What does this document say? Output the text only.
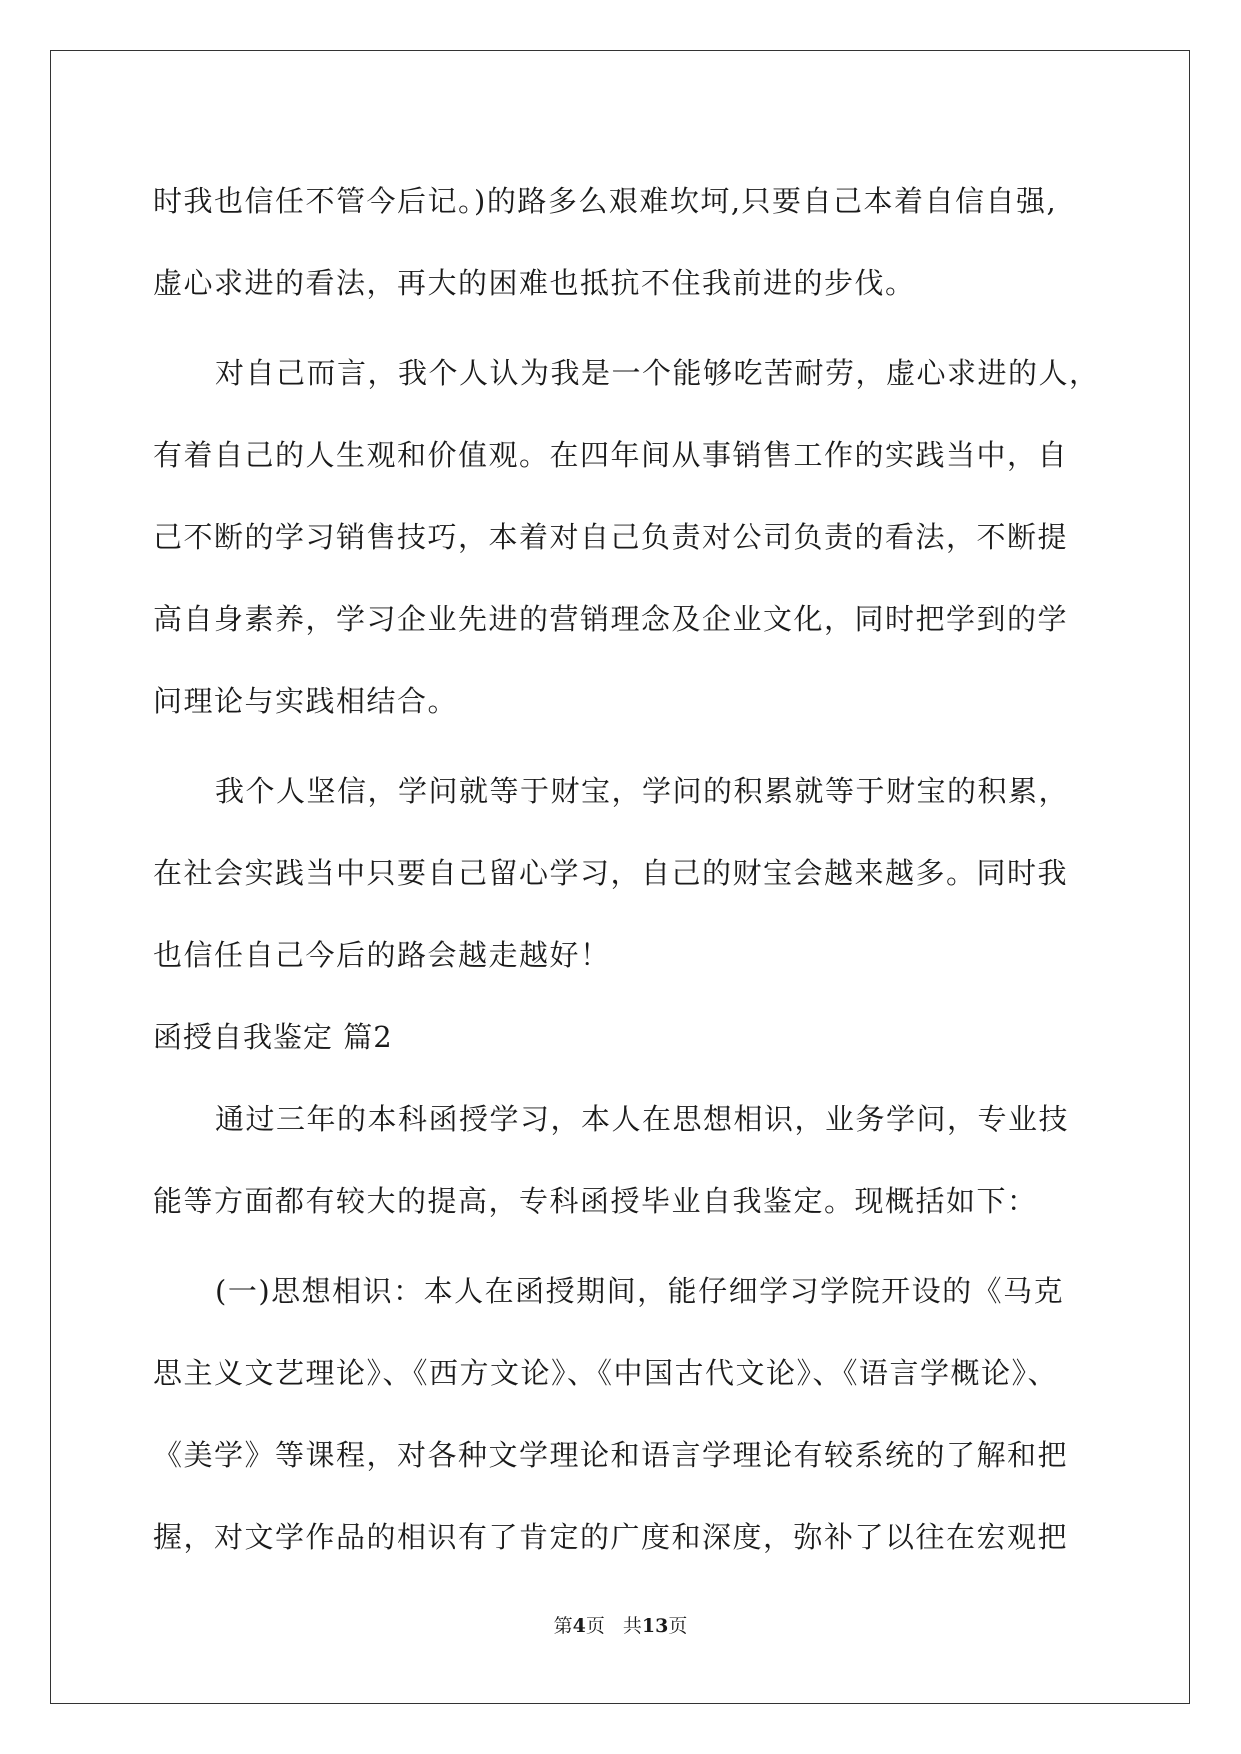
时我也信任不管今后记。)的路多么艰难坎坷,只要自己本着自信自强,
虚心求进的看法，再大的困难也抵抗不住我前进的步伐。
对自己而言，我个人认为我是一个能够吃苦耐劳，虚心求进的人，
有着自己的人生观和价值观。在四年间从事销售工作的实践当中，自
己不断的学习销售技巧，本着对自己负责对公司负责的看法，不断提
高自身素养，学习企业先进的营销理念及企业文化，同时把学到的学
问理论与实践相结合。
我个人坚信，学问就等于财宝，学问的积累就等于财宝的积累，
在社会实践当中只要自己留心学习，自己的财宝会越来越多。同时我
也信任自己今后的路会越走越好！
函授自我鉴定 篇2
通过三年的本科函授学习，本人在思想相识，业务学问，专业技
能等方面都有较大的提高，专科函授毕业自我鉴定。现概括如下：
(一)思想相识：本人在函授期间，能仔细学习学院开设的《马克
思主义文艺理论》、《西方文论》、《中国古代文论》、《语言学概论》、
《美学》等课程，对各种文学理论和语言学理论有较系统的了解和把
握，对文学作品的相识有了肯定的广度和深度，弥补了以往在宏观把
第4页 共13页
